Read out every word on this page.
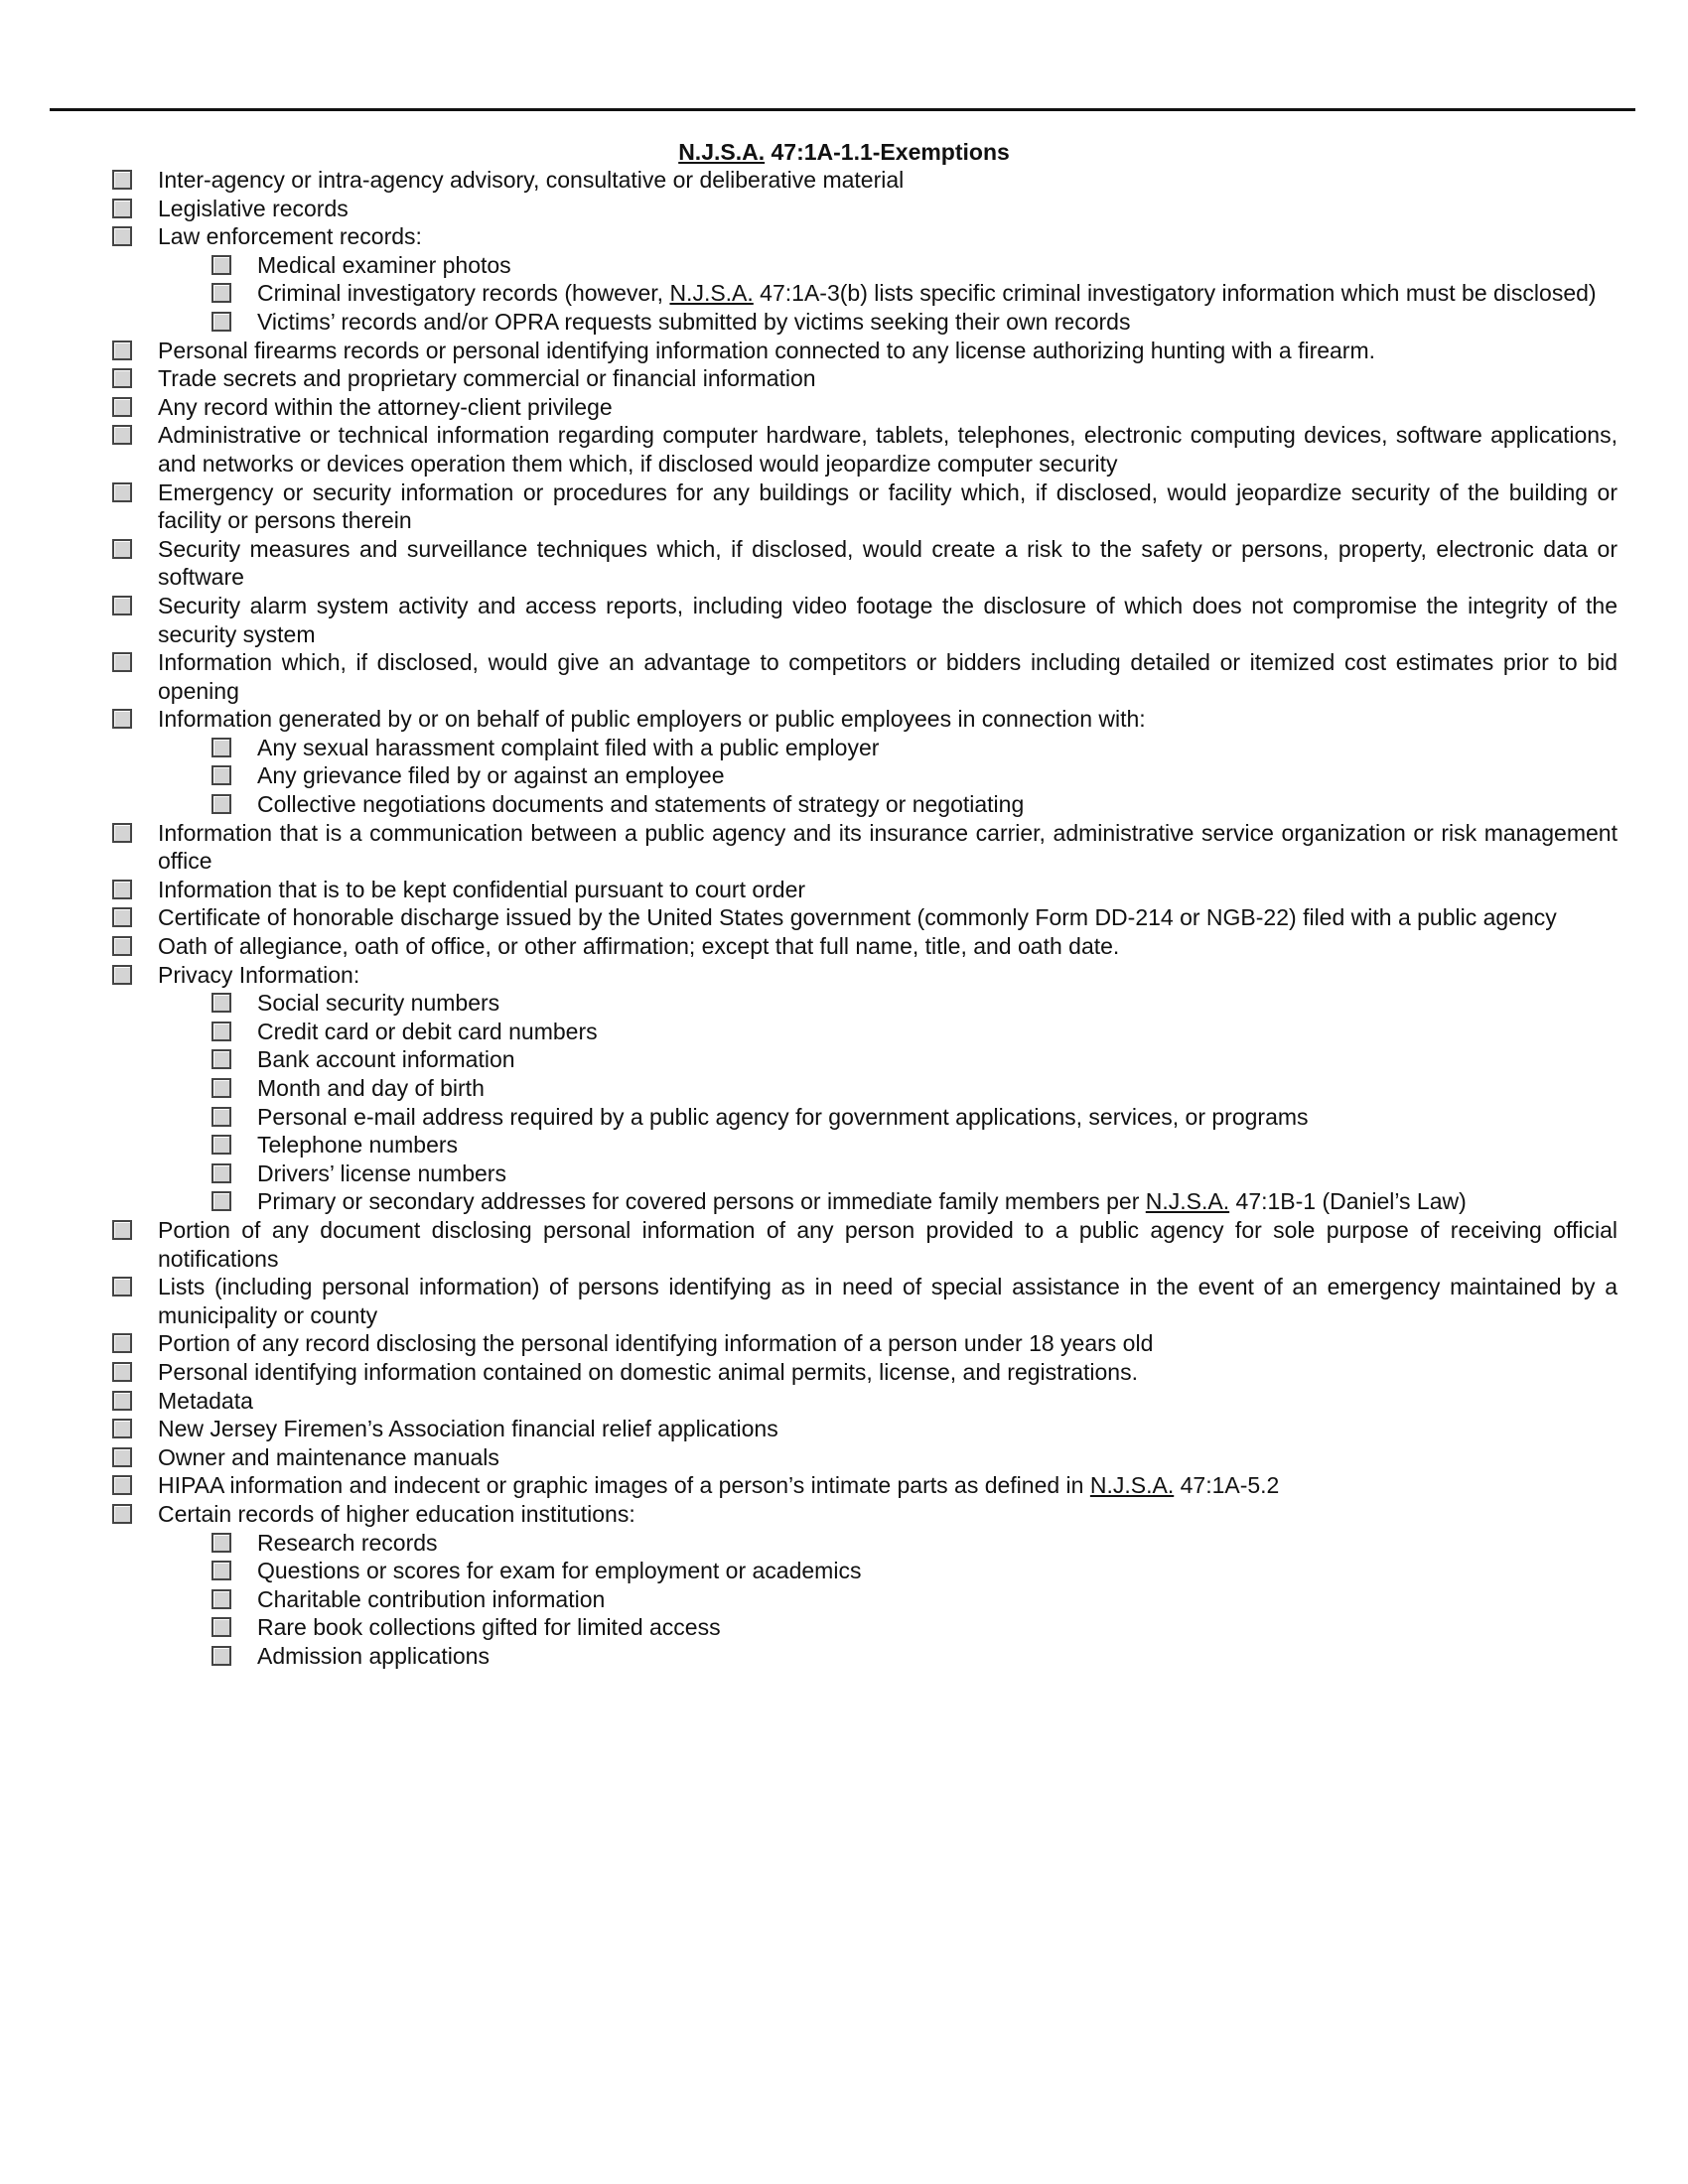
N.J.S.A. 47:1A-1.1-Exemptions
Inter-agency or intra-agency advisory, consultative or deliberative material
Legislative records
Law enforcement records:
Medical examiner photos
Criminal investigatory records (however, N.J.S.A. 47:1A-3(b) lists specific criminal investigatory information which must be disclosed)
Victims’ records and/or OPRA requests submitted by victims seeking their own records
Personal firearms records or personal identifying information connected to any license authorizing hunting with a firearm.
Trade secrets and proprietary commercial or financial information
Any record within the attorney-client privilege
Administrative or technical information regarding computer hardware, tablets, telephones, electronic computing devices, software applications, and networks or devices operation them which, if disclosed would jeopardize computer security
Emergency or security information or procedures for any buildings or facility which, if disclosed, would jeopardize security of the building or facility or persons therein
Security measures and surveillance techniques which, if disclosed, would create a risk to the safety or persons, property, electronic data or software
Security alarm system activity and access reports, including video footage the disclosure of which does not compromise the integrity of the security system
Information which, if disclosed, would give an advantage to competitors or bidders including detailed or itemized cost estimates prior to bid opening
Information generated by or on behalf of public employers or public employees in connection with:
Any sexual harassment complaint filed with a public employer
Any grievance filed by or against an employee
Collective negotiations documents and statements of strategy or negotiating
Information that is a communication between a public agency and its insurance carrier, administrative service organization or risk management office
Information that is to be kept confidential pursuant to court order
Certificate of honorable discharge issued by the United States government (commonly Form DD-214 or NGB-22) filed with a public agency
Oath of allegiance, oath of office, or other affirmation; except that full name, title, and oath date.
Privacy Information:
Social security numbers
Credit card or debit card numbers
Bank account information
Month and day of birth
Personal e-mail address required by a public agency for government applications, services, or programs
Telephone numbers
Drivers’ license numbers
Primary or secondary addresses for covered persons or immediate family members per N.J.S.A. 47:1B-1 (Daniel’s Law)
Portion of any document disclosing personal information of any person provided to a public agency for sole purpose of receiving official notifications
Lists (including personal information) of persons identifying as in need of special assistance in the event of an emergency maintained by a municipality or county
Portion of any record disclosing the personal identifying information of a person under 18 years old
Personal identifying information contained on domestic animal permits, license, and registrations.
Metadata
New Jersey Firemen’s Association financial relief applications
Owner and maintenance manuals
HIPAA information and indecent or graphic images of a person’s intimate parts as defined in N.J.S.A. 47:1A-5.2
Certain records of higher education institutions:
Research records
Questions or scores for exam for employment or academics
Charitable contribution information
Rare book collections gifted for limited access
Admission applications
